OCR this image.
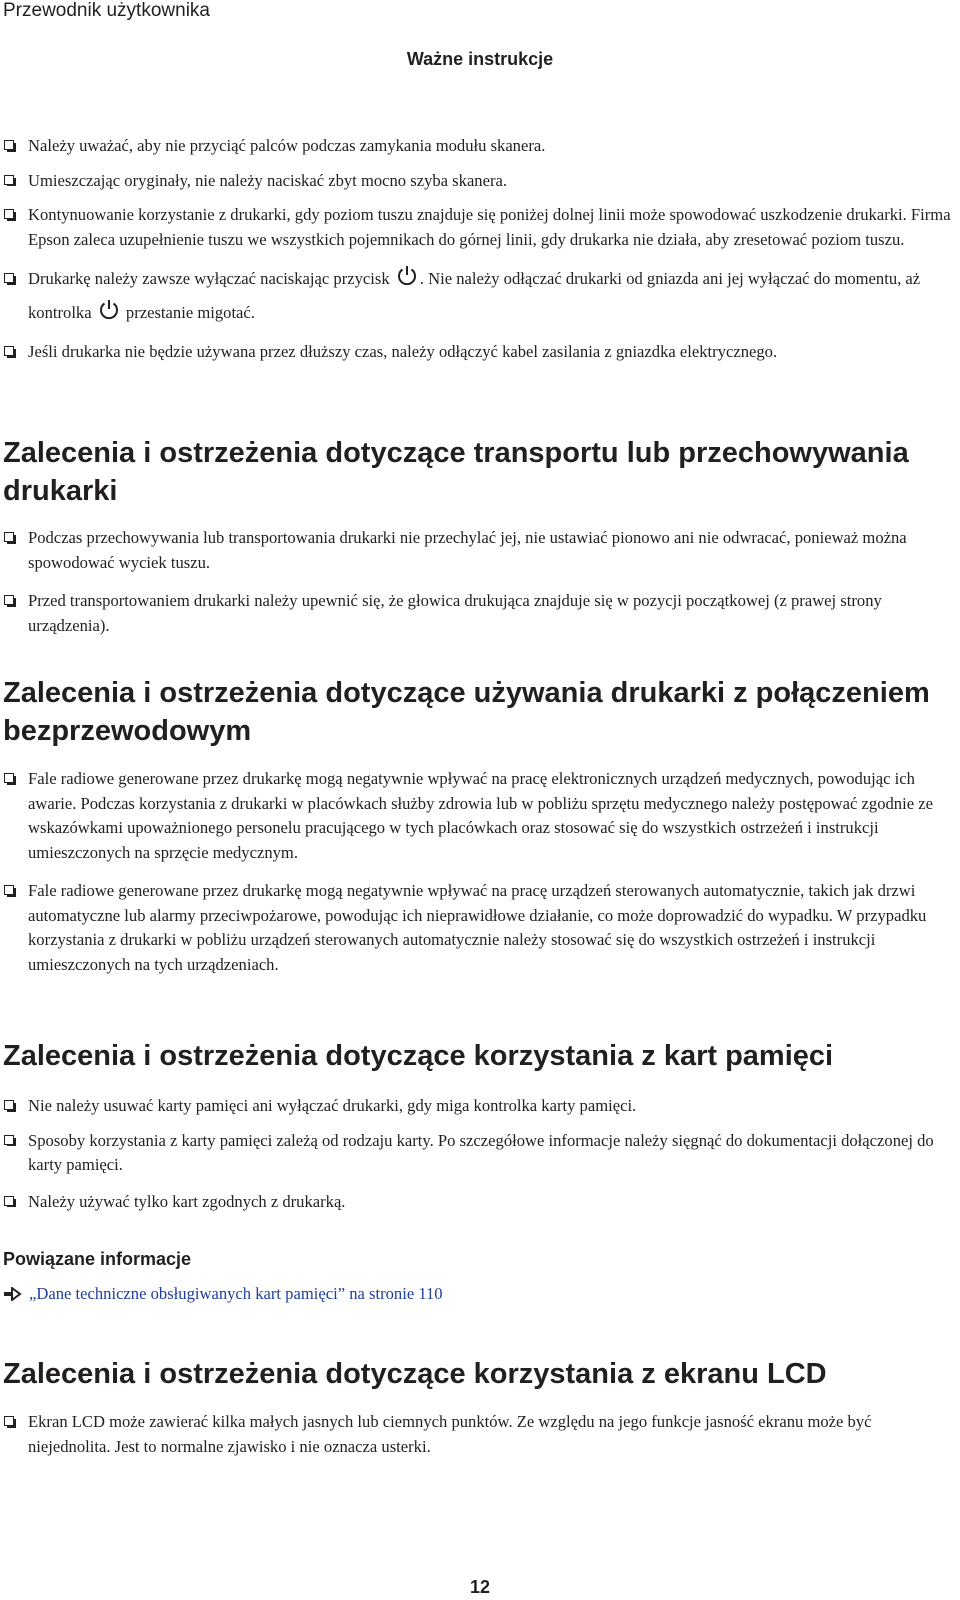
Przewodnik użytkownika
Ważne instrukcje
Należy uważać, aby nie przyciąć palców podczas zamykania modułu skanera.
Umieszczając oryginały, nie należy naciskać zbyt mocno szyba skanera.
Kontynuowanie korzystanie z drukarki, gdy poziom tuszu znajduje się poniżej dolnej linii może spowodować uszkodzenie drukarki. Firma Epson zaleca uzupełnienie tuszu we wszystkich pojemnikach do górnej linii, gdy drukarka nie działa, aby zresetować poziom tuszu.
Drukarkę należy zawsze wyłączać naciskając przycisk . Nie należy odłączać drukarki od gniazda ani jej wyłączać do momentu, aż kontrolka przestanie migotać.
Jeśli drukarka nie będzie używana przez dłuższy czas, należy odłączyć kabel zasilania z gniazdka elektrycznego.
Zalecenia i ostrzeżenia dotyczące transportu lub przechowywania drukarki
Podczas przechowywania lub transportowania drukarki nie przechylać jej, nie ustawiać pionowo ani nie odwracać, ponieważ można spowodować wyciek tuszu.
Przed transportowaniem drukarki należy upewnić się, że głowica drukująca znajduje się w pozycji początkowej (z prawej strony urządzenia).
Zalecenia i ostrzeżenia dotyczące używania drukarki z połączeniem bezprzewodowym
Fale radiowe generowane przez drukarkę mogą negatywnie wpływać na pracę elektronicznych urządzeń medycznych, powodując ich awarie. Podczas korzystania z drukarki w placówkach służby zdrowia lub w pobliżu sprzętu medycznego należy postępować zgodnie ze wskazówkami upoważnionego personelu pracującego w tych placówkach oraz stosować się do wszystkich ostrzeżeń i instrukcji umieszczonych na sprzęcie medycznym.
Fale radiowe generowane przez drukarkę mogą negatywnie wpływać na pracę urządzeń sterowanych automatycznie, takich jak drzwi automatyczne lub alarmy przeciwpożarowe, powodując ich nieprawidłowe działanie, co może doprowadzić do wypadku. W przypadku korzystania z drukarki w pobliżu urządzeń sterowanych automatycznie należy stosować się do wszystkich ostrzeżeń i instrukcji umieszczonych na tych urządzeniach.
Zalecenia i ostrzeżenia dotyczące korzystania z kart pamięci
Nie należy usuwać karty pamięci ani wyłączać drukarki, gdy miga kontrolka karty pamięci.
Sposoby korzystania z karty pamięci zależą od rodzaju karty. Po szczegółowe informacje należy sięgnąć do dokumentacji dołączonej do karty pamięci.
Należy używać tylko kart zgodnych z drukarką.
Powiązane informacje
„Dane techniczne obsługiwanych kart pamięci” na stronie 110
Zalecenia i ostrzeżenia dotyczące korzystania z ekranu LCD
Ekran LCD może zawierać kilka małych jasnych lub ciemnych punktów. Ze względu na jego funkcje jasność ekranu może być niejednolita. Jest to normalne zjawisko i nie oznacza usterki.
12
